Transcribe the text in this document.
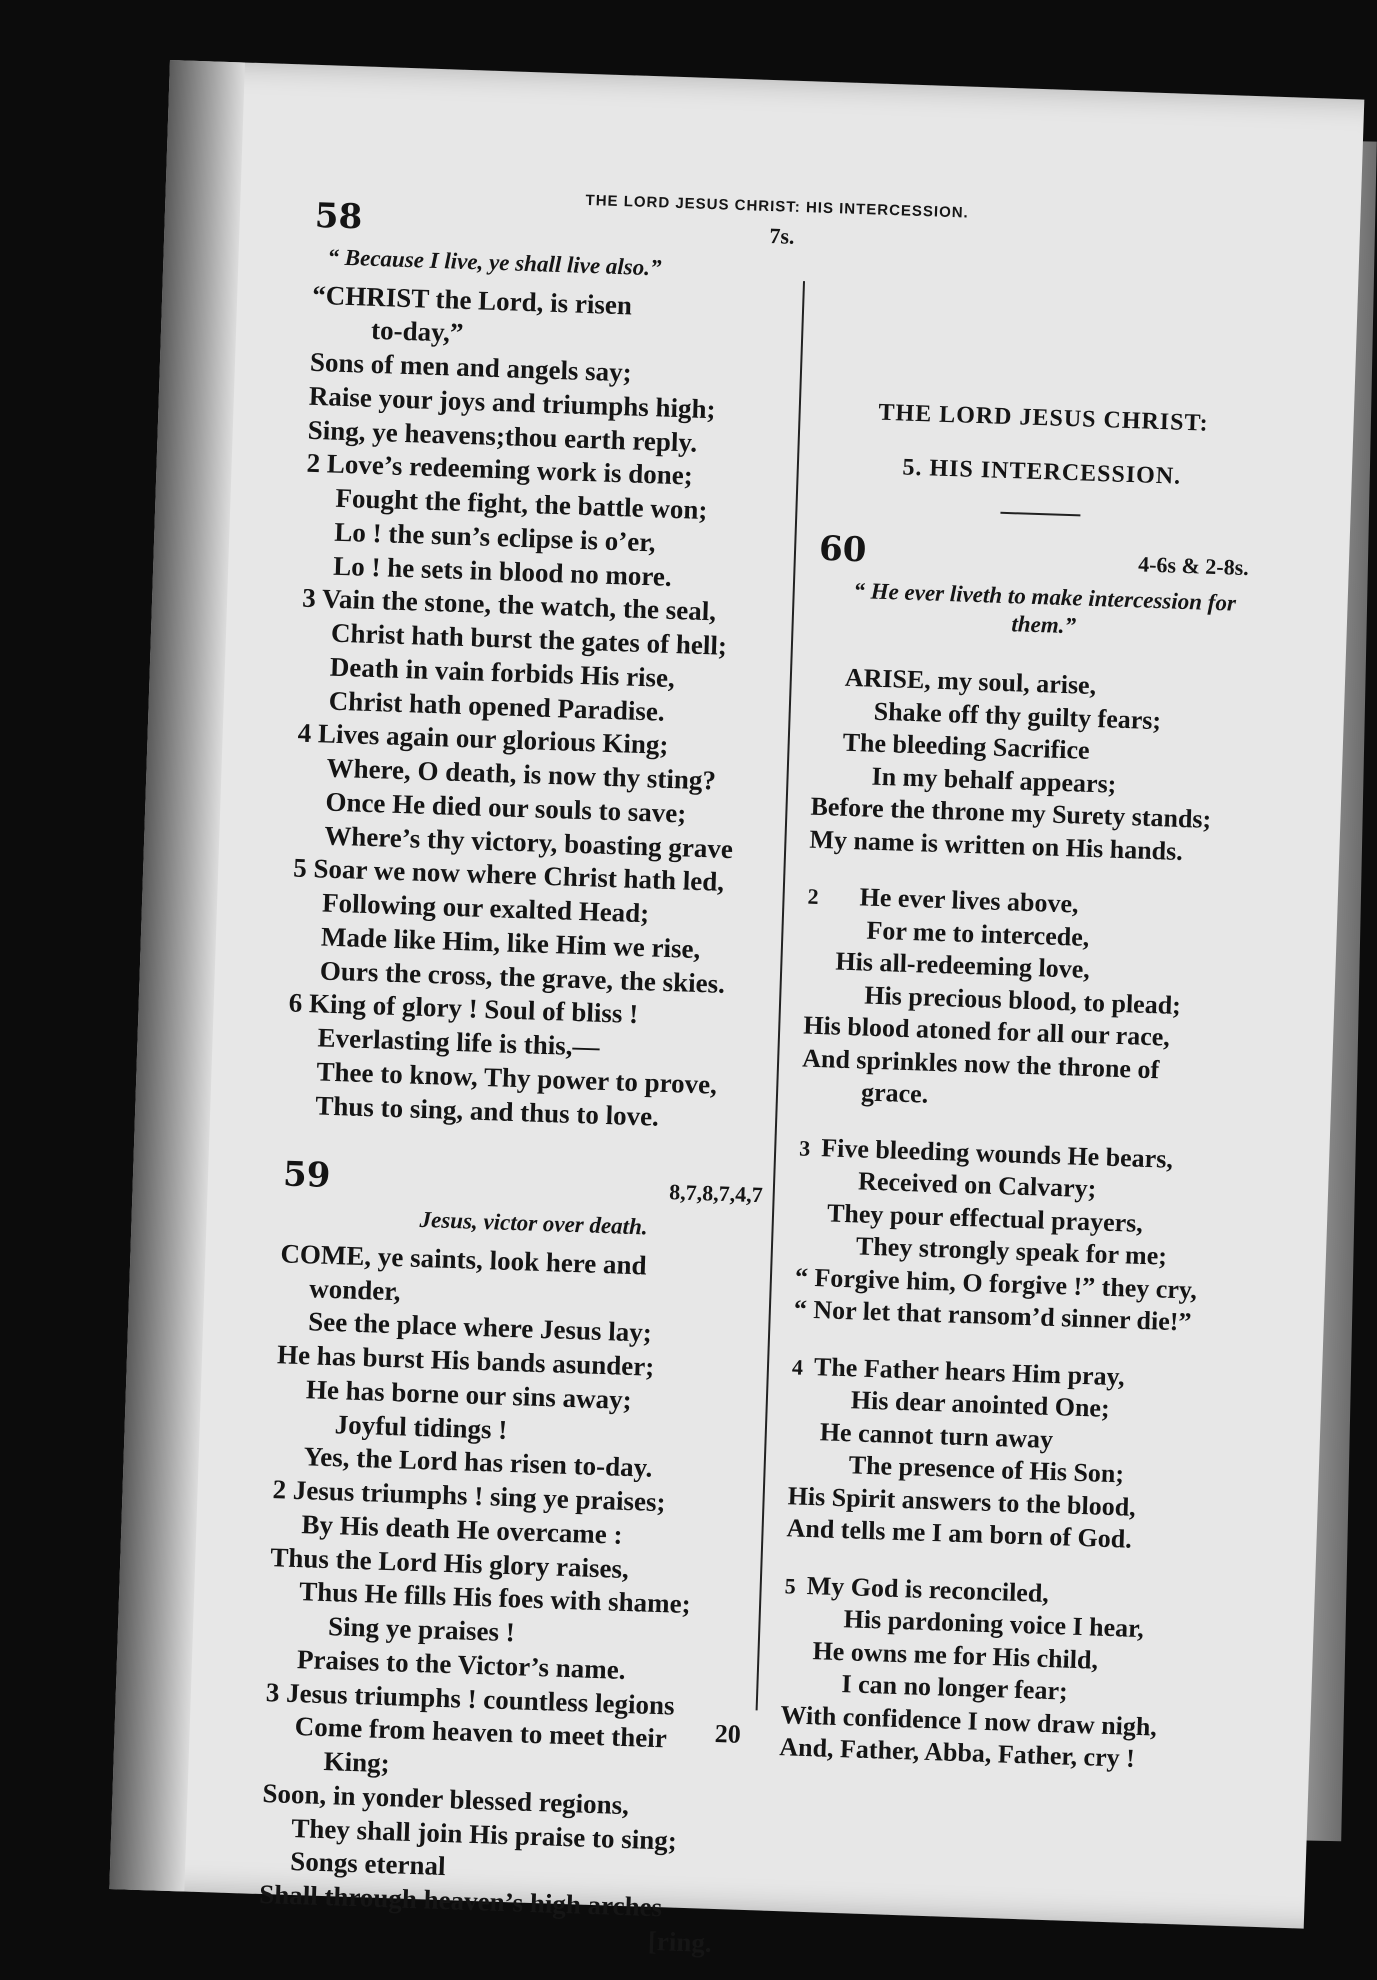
THE LORD JESUS CHRIST: HIS INTERCESSION.
58	7s.
“ Because I live, ye shall live also.”
“CHRIST the Lord, is risen
to-day,”
Sons of men and angels say;
Raise your joys and triumphs high;
Sing, ye heavens;thou earth reply.
2 Love’s redeeming work is done;
Fought the fight, the battle won;
Lo ! the sun’s eclipse is o’er,
Lo ! he sets in blood no more.
3 Vain the stone, the watch, the seal,
Christ hath burst the gates of hell;
Death in vain forbids His rise,
Christ hath opened Paradise.
4 Lives again our glorious King;
Where, O death, is now thy sting?
Once He died our souls to save;
Where’s thy victory, boasting grave
5 Soar we now where Christ hath led,
Following our exalted Head;
Made like Him, like Him we rise,
Ours the cross, the grave, the skies.
6 King of glory ! Soul of bliss !
Everlasting life is this,—
Thee to know, Thy power to prove,
Thus to sing, and thus to love.
59	8,7,8,7,4,7
Jesus, victor over death.
COME, ye saints, look here and
wonder,
See the place where Jesus lay;
He has burst His bands asunder;
He has borne our sins away;
Joyful tidings !
Yes, the Lord has risen to-day.
2 Jesus triumphs ! sing ye praises;
By His death He overcame :
Thus the Lord His glory raises,
Thus He fills His foes with shame;
Sing ye praises !
Praises to the Victor’s name.
3 Jesus triumphs ! countless legions
Come from heaven to meet their
King;
Soon, in yonder blessed regions,
They shall join His praise to sing;
Songs eternal
Shall through heaven’s high arches
[ring.
THE LORD JESUS CHRIST:
5. HIS INTERCESSION.
60	4-6s & 2-8s.
“ He ever liveth to make intercession for them.”
ARISE, my soul, arise,
Shake off thy guilty fears;
The bleeding Sacrifice
In my behalf appears;
Before the throne my Surety stands;
My name is written on His hands.
2 He ever lives above,
For me to intercede,
His all-redeeming love,
His precious blood, to plead;
His blood atoned for all our race,
And sprinkles now the throne of
grace.
3 Five bleeding wounds He bears,
Received on Calvary;
They pour effectual prayers,
They strongly speak for me;
“ Forgive him, O forgive !” they cry,
“ Nor let that ransom’d sinner die!”
4 The Father hears Him pray,
His dear anointed One;
He cannot turn away
The presence of His Son;
His Spirit answers to the blood,
And tells me I am born of God.
5 My God is reconciled,
His pardoning voice I hear,
He owns me for His child,
I can no longer fear;
With confidence I now draw nigh,
And, Father, Abba, Father, cry !
20
